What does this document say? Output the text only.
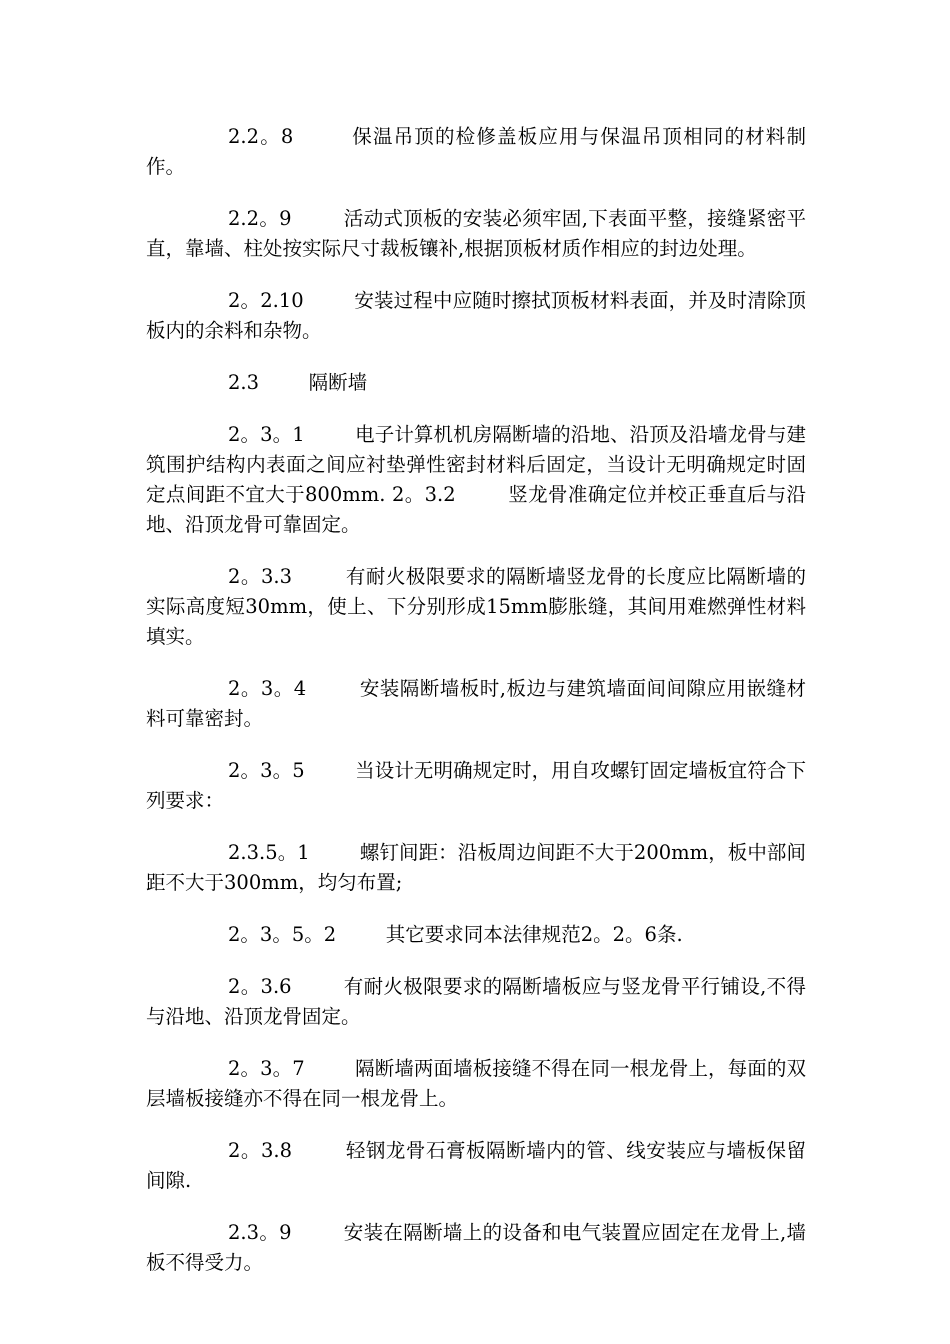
2.2。8	保温吊顶的检修盖板应用与保温吊顶相同的材料制作。

2.2。9	活动式顶板的安装必须牢固,下表面平整，接缝紧密平直，靠墙、柱处按实际尺寸裁板镶补,根据顶板材质作相应的封边处理。

2。2.10	安装过程中应随时擦拭顶板材料表面，并及时清除顶板内的余料和杂物。

2.3	隔断墙

2。3。1	电子计算机机房隔断墙的沿地、沿顶及沿墙龙骨与建筑围护结构内表面之间应衬垫弹性密封材料后固定，当设计无明确规定时固定点间距不宜大于800mm. 2。3.2        竖龙骨准确定位并校正垂直后与沿地、沿顶龙骨可靠固定。

2。3.3	有耐火极限要求的隔断墙竖龙骨的长度应比隔断墙的实际高度短30mm，使上、下分别形成15mm膨胀缝，其间用难燃弹性材料填实。

2。3。4	安装隔断墙板时,板边与建筑墙面间间隙应用嵌缝材料可靠密封。

2。3。5	当设计无明确规定时，用自攻螺钉固定墙板宜符合下列要求：

2.3.5。1	螺钉间距：沿板周边间距不大于200mm，板中部间距不大于300mm，均匀布置;

2。3。5。2	其它要求同本法律规范2。2。6条.

2。3.6	有耐火极限要求的隔断墙板应与竖龙骨平行铺设,不得与沿地、沿顶龙骨固定。

2。3。7	隔断墙两面墙板接缝不得在同一根龙骨上，每面的双层墙板接缝亦不得在同一根龙骨上。

2。3.8	轻钢龙骨石膏板隔断墙内的管、线安装应与墙板保留间隙.

2.3。9	安装在隔断墙上的设备和电气装置应固定在龙骨上,墙板不得受力。
